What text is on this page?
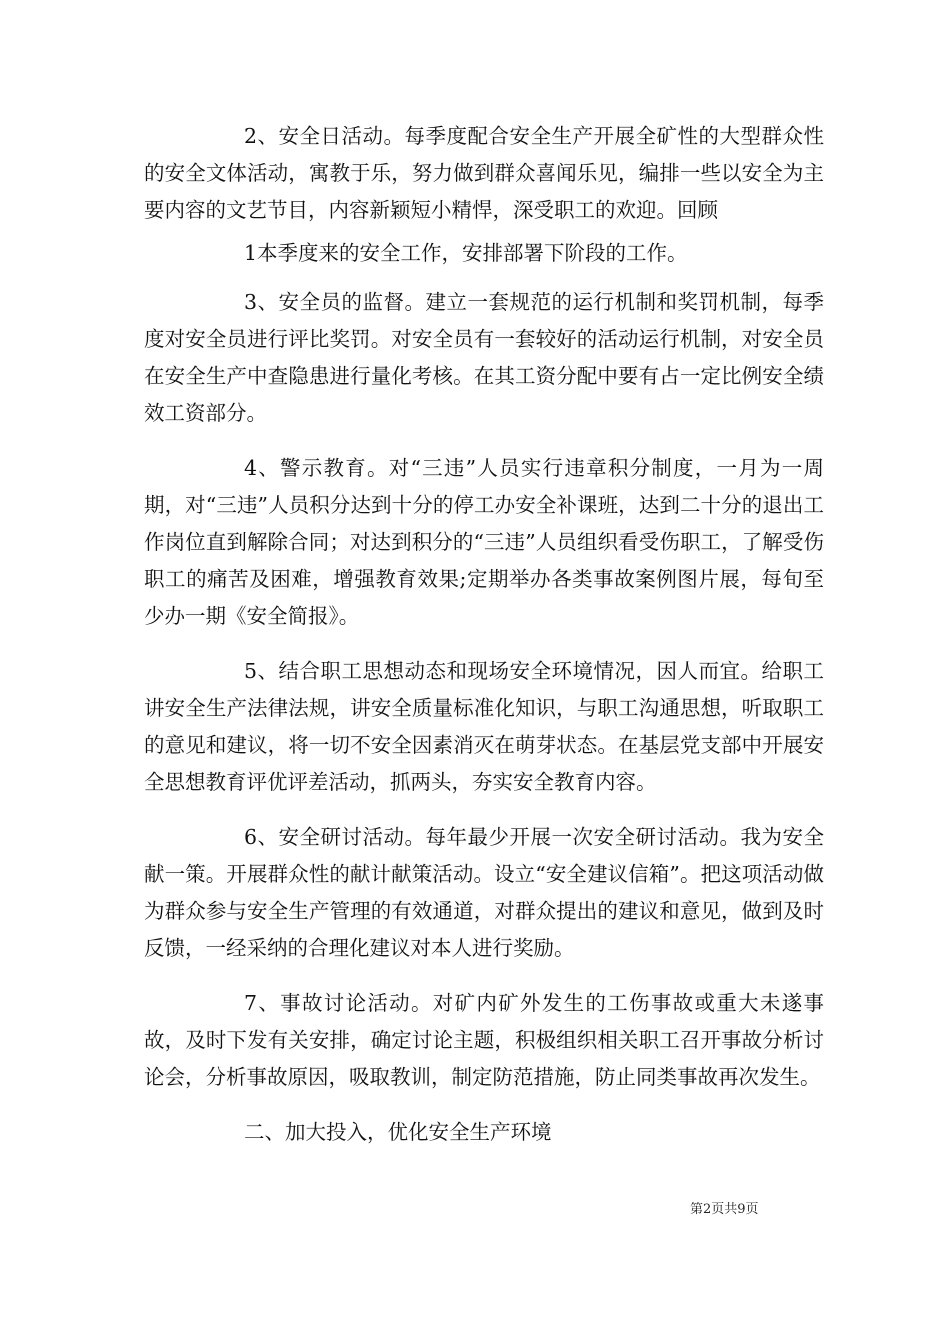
2、安全日活动。每季度配合安全生产开展全矿性的大型群众性的安全文体活动，寓教于乐，努力做到群众喜闻乐见，编排一些以安全为主要内容的文艺节目，内容新颖短小精悍，深受职工的欢迎。回顾

1本季度来的安全工作，安排部署下阶段的工作。

3、安全员的监督。建立一套规范的运行机制和奖罚机制，每季度对安全员进行评比奖罚。对安全员有一套较好的活动运行机制，对安全员在安全生产中查隐患进行量化考核。在其工资分配中要有占一定比例安全绩效工资部分。

4、警示教育。对“三违”人员实行违章积分制度，一月为一周期，对“三违”人员积分达到十分的停工办安全补课班，达到二十分的退出工作岗位直到解除合同；对达到积分的“三违”人员组织看受伤职工，了解受伤职工的痛苦及困难，增强教育效果;定期举办各类事故案例图片展，每旬至少办一期《安全简报》。

5、结合职工思想动态和现场安全环境情况，因人而宜。给职工讲安全生产法律法规，讲安全质量标准化知识，与职工沟通思想，听取职工的意见和建议，将一切不安全因素消灭在萌芽状态。在基层党支部中开展安全思想教育评优评差活动，抓两头，夯实安全教育内容。

6、安全研讨活动。每年最少开展一次安全研讨活动。我为安全献一策。开展群众性的献计献策活动。设立“安全建议信箱”。把这项活动做为群众参与安全生产管理的有效通道，对群众提出的建议和意见，做到及时反馈，一经采纳的合理化建议对本人进行奖励。

7、事故讨论活动。对矿内矿外发生的工伤事故或重大未遂事故，及时下发有关安排，确定讨论主题，积极组织相关职工召开事故分析讨论会，分析事故原因，吸取教训，制定防范措施，防止同类事故再次发生。

二、加大投入，优化安全生产环境

第2页共9页
